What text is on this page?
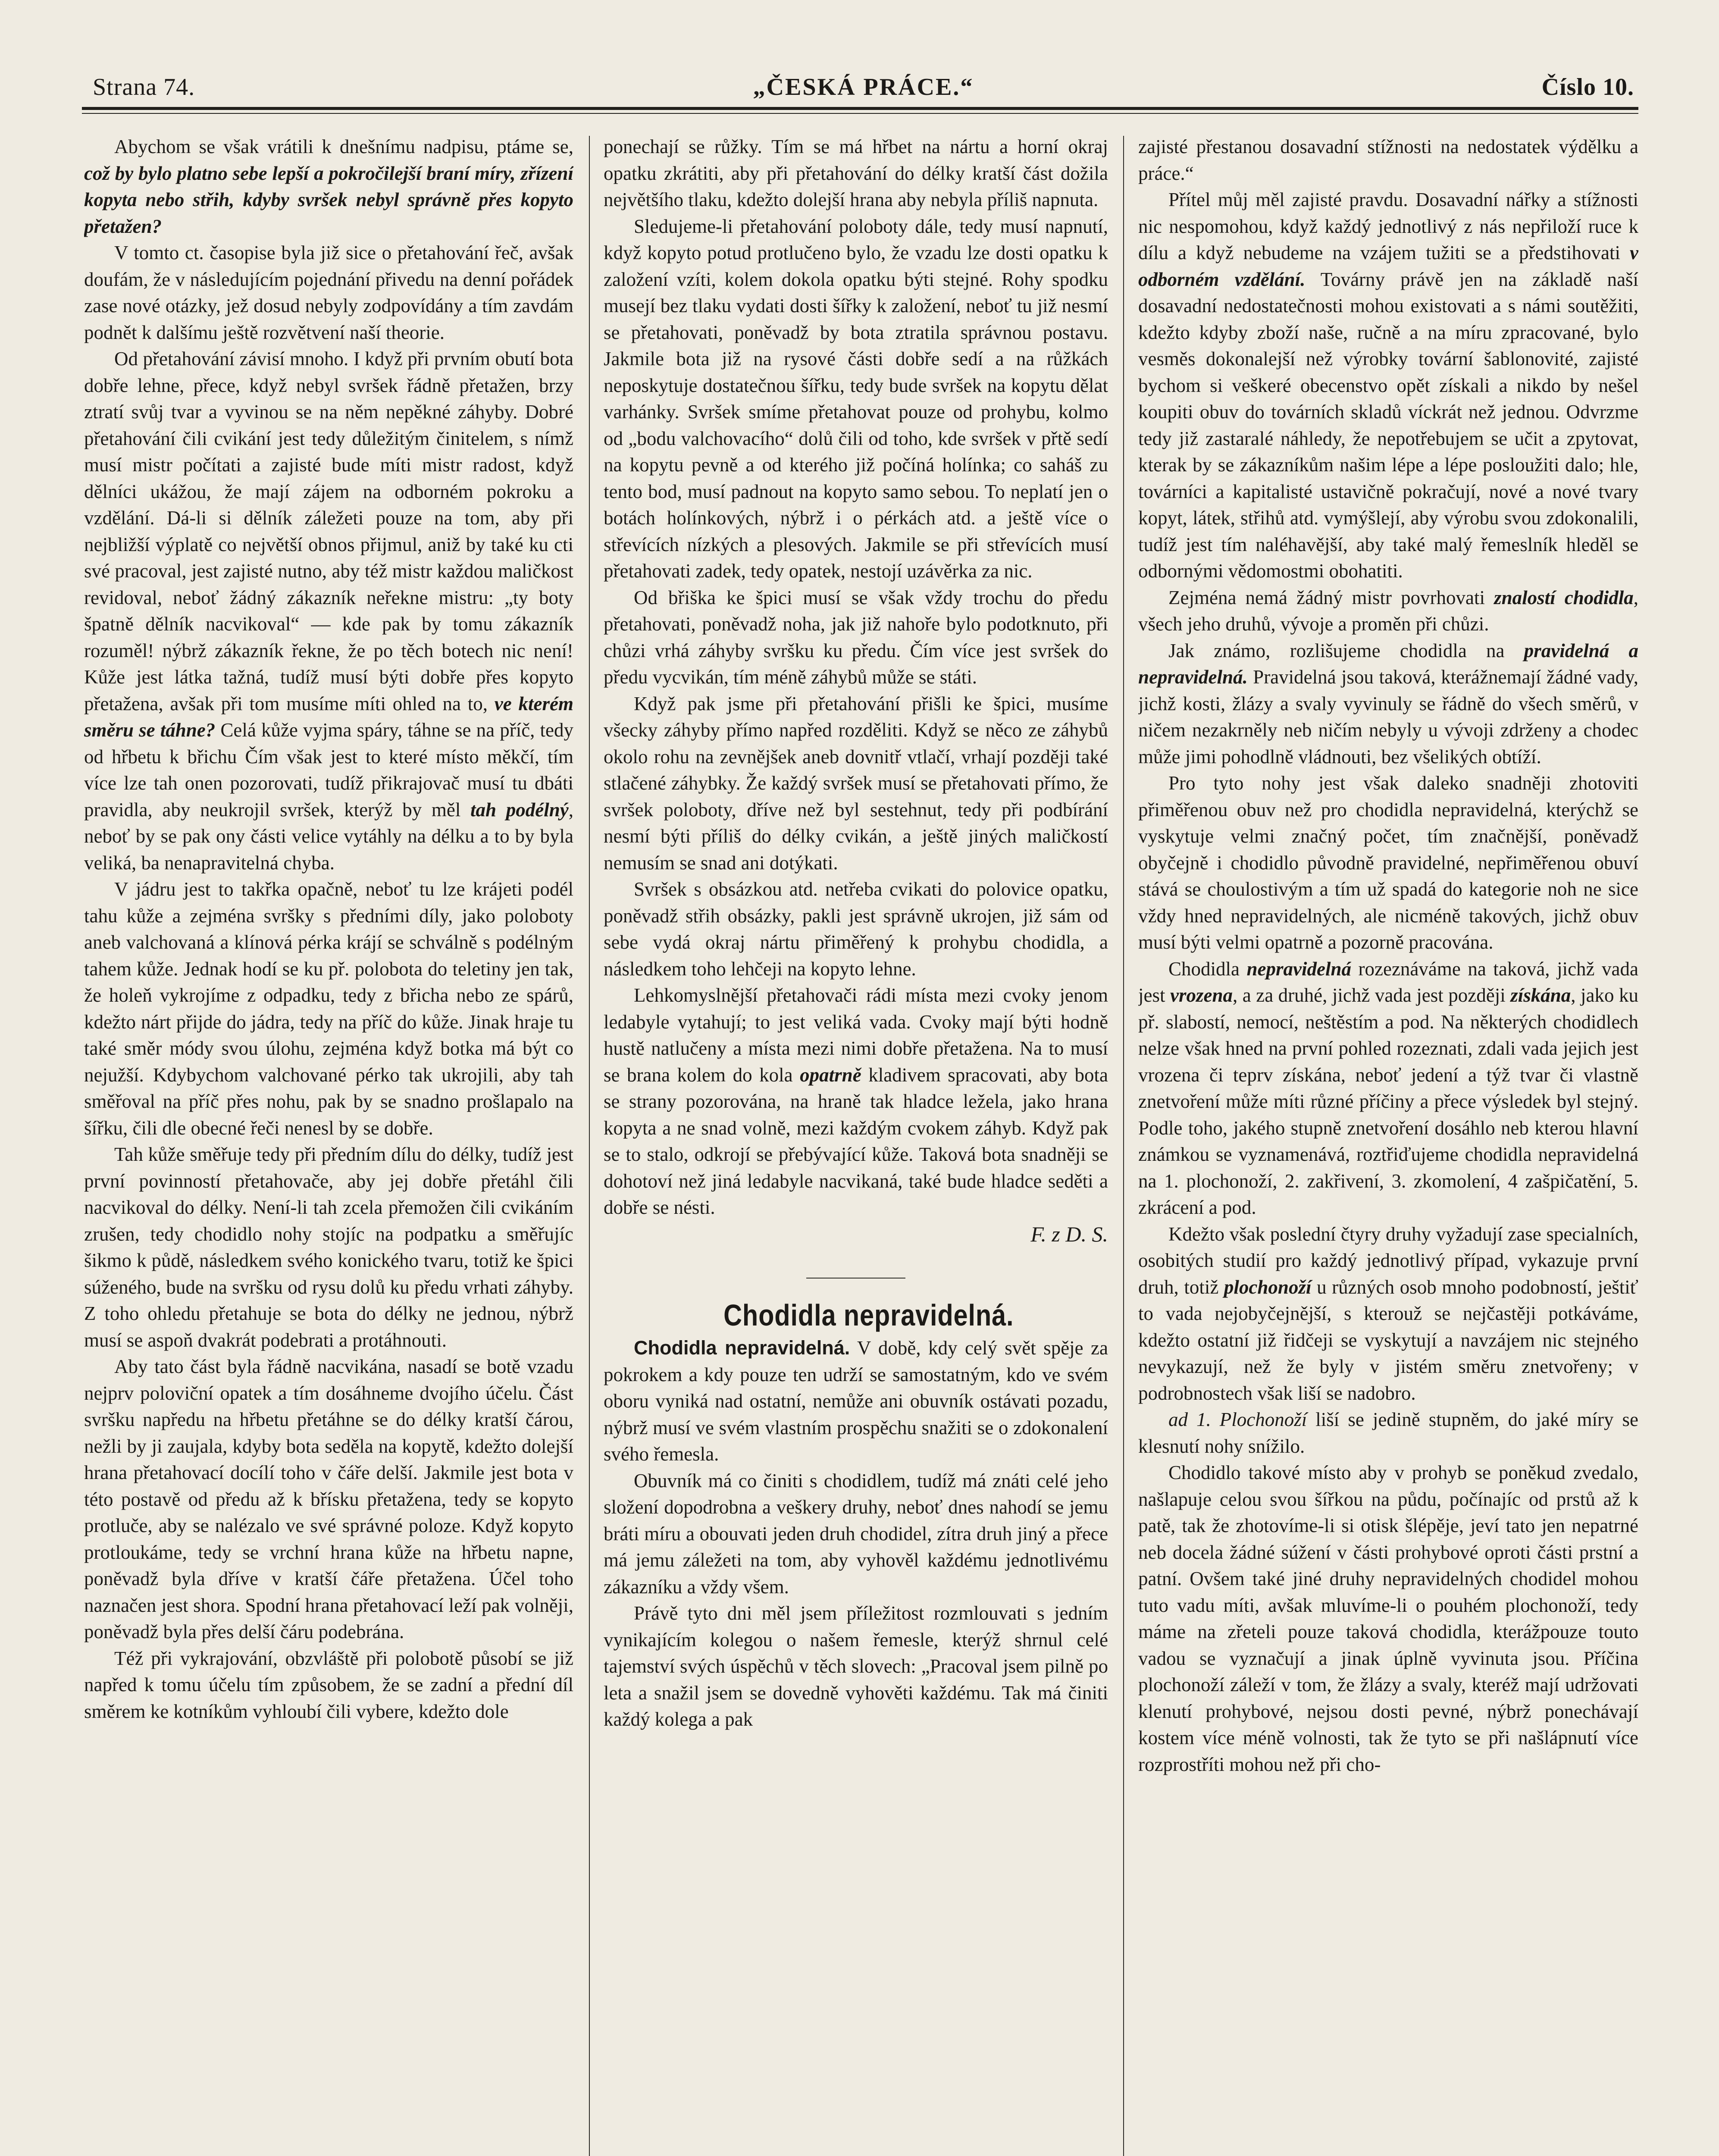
Strana 74.	„ČESKÁ PRÁCE.“	Číslo 10.

Abychom se však vrátili k dnešnímu nadpisu, ptáme se, což by bylo platno sebe lepší a pokročilejší braní míry, zřízení kopyta nebo střih, kdyby svršek nebyl správně přes kopyto přetažen?

V tomto ct. časopise byla již sice o přetahování řeč, avšak doufám, že v následujícím pojednání přivedu na denní pořádek zase nové otázky, jež dosud nebyly zodpovídány a tím zavdám podnět k dalšímu ještě rozvětvení naší theorie.

Od přetahování závisí mnoho. I když při prvním obutí bota dobře lehne, přece, když nebyl svršek řádně přetažen, brzy ztratí svůj tvar a vyvinou se na něm nepěkné záhyby. Dobré přetahování čili cvikání jest tedy důležitým činitelem, s nímž musí mistr počítati a zajisté bude míti mistr radost, když dělníci ukážou, že mají zájem na odborném pokroku a vzdělání. Dá-li si dělník záležeti pouze na tom, aby při nejbližší výplatě co největší obnos přijmul, aniž by také ku cti své pracoval, jest zajisté nutno, aby též mistr každou maličkost revidoval, neboť žádný zákazník neřekne mistru: „ty boty špatně dělník nacvikoval“ — kde pak by tomu zákazník rozuměl! nýbrž zákazník řekne, že po těch botech nic není! Kůže jest látka tažná, tudíž musí býti dobře přes kopyto přetažena, avšak při tom musíme míti ohled na to, ve kterém směru se táhne? Celá kůže vyjma spáry, táhne se na příč, tedy od hřbetu k břichu Čím však jest to které místo měkčí, tím více lze tah onen pozorovati, tudíž přikrajovač musí tu dbáti pravidla, aby neukrojil svršek, kterýž by měl tah podélný, neboť by se pak ony části velice vytáhly na délku a to by byla veliká, ba nenapravitelná chyba.

V jádru jest to takřka opačně, neboť tu lze krájeti podél tahu kůže a zejména svršky s předními díly, jako poloboty aneb valchovaná a klínová pérka krájí se schválně s podélným tahem kůže. Jednak hodí se ku př. polobota do teletiny jen tak, že holeň vykrojíme z odpadku, tedy z břicha nebo ze spárů, kdežto nárt přijde do jádra, tedy na příč do kůže. Jinak hraje tu také směr módy svou úlohu, zejména když botka má být co nejužší. Kdybychom valchované pérko tak ukrojili, aby tah směřoval na příč přes nohu, pak by se snadno prošlapalo na šířku, čili dle obecné řeči nenesl by se dobře.

Tah kůže směřuje tedy při předním dílu do délky, tudíž jest první povinností přetahovače, aby jej dobře přetáhl čili nacvikoval do délky. Není-li tah zcela přemožen čili cvikáním zrušen, tedy chodidlo nohy stojíc na podpatku a směřujíc šikmo k půdě, následkem svého konického tvaru, totiž ke špici súženého, bude na svršku od rysu dolů ku předu vrhati záhyby. Z toho ohledu přetahuje se bota do délky ne jednou, nýbrž musí se aspoň dvakrát podebrati a protáhnouti.

Aby tato část byla řádně nacvikána, nasadí se botě vzadu nejprv poloviční opatek a tím dosáhneme dvojího účelu. Část svršku napředu na hřbetu přetáhne se do délky kratší čárou, nežli by ji zaujala, kdyby bota seděla na kopytě, kdežto dolejší hrana přetahovací docílí toho v čáře delší. Jakmile jest bota v této postavě od předu až k břísku přetažena, tedy se kopyto protluče, aby se nalézalo ve své správné poloze. Když kopyto protloukáme, tedy se vrchní hrana kůže na hřbetu napne, poněvadž byla dříve v kratší čáře přetažena. Účel toho naznačen jest shora. Spodní hrana přetahovací leží pak volněji, poněvadž byla přes delší čáru podebrána.

Též při vykrajování, obzvláště při polobotě působí se již napřed k tomu účelu tím způsobem, že se zadní a přední díl směrem ke kotníkům vyhloubí čili vybere, kdežto dole

ponechají se růžky. Tím se má hřbet na nártu a horní okraj opatku zkrátiti, aby při přetahování do délky kratší část dožila největšího tlaku, kdežto dolejší hrana aby nebyla příliš napnuta.

Sledujeme-li přetahování poloboty dále, tedy musí napnutí, když kopyto potud protlučeno bylo, že vzadu lze dosti opatku k založení vzíti, kolem dokola opatku býti stejné. Rohy spodku musejí bez tlaku vydati dosti šířky k založení, neboť tu již nesmí se přetahovati, poněvadž by bota ztratila správnou postavu. Jakmile bota již na rysové části dobře sedí a na růžkách neposkytuje dostatečnou šířku, tedy bude svršek na kopytu dělat varhánky. Svršek smíme přetahovat pouze od prohybu, kolmo od „bodu valchovacího“ dolů čili od toho, kde svršek v přtě sedí na kopytu pevně a od kterého již počíná holínka; co saháš zu tento bod, musí padnout na kopyto samo sebou. To neplatí jen o botách holínkových, nýbrž i o pérkách atd. a ještě více o střevících nízkých a plesových. Jakmile se při střevících musí přetahovati zadek, tedy opatek, nestojí uzávěrka za nic.

Od břiška ke špici musí se však vždy trochu do předu přetahovati, poněvadž noha, jak již nahoře bylo podotknuto, při chůzi vrhá záhyby svršku ku předu. Čím více jest svršek do předu vycvikán, tím méně záhybů může se státi.

Když pak jsme při přetahování přišli ke špici, musíme všecky záhyby přímo napřed rozděliti. Když se něco ze záhybů okolo rohu na zevnějšek aneb dovnitř vtlačí, vrhají později také stlačené záhybky. Že každý svršek musí se přetahovati přímo, že svršek poloboty, dříve než byl sestehnut, tedy při podbírání nesmí býti příliš do délky cvikán, a ještě jiných maličkostí nemusím se snad ani dotýkati.

Svršek s obsázkou atd. netřeba cvikati do polovice opatku, poněvadž střih obsázky, pakli jest správně ukrojen, již sám od sebe vydá okraj nártu přiměřený k prohybu chodidla, a následkem toho lehčeji na kopyto lehne.

Lehkomyslnější přetahovači rádi místa mezi cvoky jenom ledabyle vytahují; to jest veliká vada. Cvoky mají býti hodně hustě natlučeny a místa mezi nimi dobře přetažena. Na to musí se brana kolem do kola opatrně kladivem spracovati, aby bota se strany pozorována, na hraně tak hladce ležela, jako hrana kopyta a ne snad volně, mezi každým cvokem záhyb. Když pak se to stalo, odkrojí se přebývající kůže. Taková bota snadněji se dohotoví než jiná ledabyle nacvikaná, také bude hladce seděti a dobře se nésti.

F. z D. S.

Chodidla nepravidelná.

Chodidla nepravidelná. V době, kdy celý svět spěje za pokrokem a kdy pouze ten udrží se samostatným, kdo ve svém oboru vyniká nad ostatní, nemůže ani obuvník ostávati pozadu, nýbrž musí ve svém vlastním prospěchu snažiti se o zdokonalení svého řemesla.

Obuvník má co činiti s chodidlem, tudíž má znáti celé jeho složení dopodrobna a veškery druhy, neboť dnes nahodí se jemu bráti míru a obouvati jeden druh chodidel, zítra druh jiný a přece má jemu záležeti na tom, aby vyhověl každému jednotlivému zákazníku a vždy všem.

Právě tyto dni měl jsem příležitost rozmlouvati s jedním vynikajícím kolegou o našem řemesle, kterýž shrnul celé tajemství svých úspěchů v těch slovech: „Pracoval jsem pilně po leta a snažil jsem se dovedně vyhověti každému. Tak má činiti každý kolega a pak

zajisté přestanou dosavadní stížnosti na nedostatek výdělku a práce.“

Přítel můj měl zajisté pravdu. Dosavadní nářky a stížnosti nic nespomohou, když každý jednotlivý z nás nepřiloží ruce k dílu a když nebudeme na vzájem tužiti se a předstihovati v odborném vzdělání. Továrny právě jen na základě naší dosavadní nedostatečnosti mohou existovati a s námi soutěžiti, kdežto kdyby zboží naše, ručně a na míru zpracované, bylo vesměs dokonalejší než výrobky tovární šablonovité, zajisté bychom si veškeré obecenstvo opět získali a nikdo by nešel koupiti obuv do továrních skladů víckrát než jednou. Odvrzme tedy již zastaralé náhledy, že nepotřebujem se učit a zpytovat, kterak by se zákazníkům našim lépe a lépe posloužiti dalo; hle, továrníci a kapitalisté ustavičně pokračují, nové a nové tvary kopyt, látek, střihů atd. vymýšlejí, aby výrobu svou zdokonalili, tudíž jest tím naléhavější, aby také malý řemeslník hleděl se odbornými vědomostmi obohatiti.

Zejména nemá žádný mistr povrhovati znalostí chodidla, všech jeho druhů, vývoje a proměn při chůzi.

Jak známo, rozlišujeme chodidla na pravidelná a nepravidelná. Pravidelná jsou taková, kterážnemají žádné vady, jichž kosti, žlázy a svaly vyvinuly se řádně do všech směrů, v ničem nezakrněly neb ničím nebyly u vývoji zdrženy a chodec může jimi pohodlně vládnouti, bez všelikých obtíží.

Pro tyto nohy jest však daleko snadněji zhotoviti přiměřenou obuv než pro chodidla nepravidelná, kterýchž se vyskytuje velmi značný počet, tím značnější, poněvadž obyčejně i chodidlo původně pravidelné, nepřiměřenou obuví stává se choulostivým a tím už spadá do kategorie noh ne sice vždy hned nepravidelných, ale nicméně takových, jichž obuv musí býti velmi opatrně a pozorně pracována.

Chodidla nepravidelná rozeznáváme na taková, jichž vada jest vrozena, a za druhé, jichž vada jest později získána, jako ku př. slabostí, nemocí, neštěstím a pod. Na některých chodidlech nelze však hned na první pohled rozeznati, zdali vada jejich jest vrozena či teprv získána, neboť jedení a týž tvar či vlastně znetvoření může míti různé příčiny a přece výsledek byl stejný. Podle toho, jakého stupně znetvoření dosáhlo neb kterou hlavní známkou se vyznamenává, roztřiďujeme chodidla nepravidelná na 1. plochonoží, 2. zakřivení, 3. zkomolení, 4 zašpičatění, 5. zkrácení a pod.

Kdežto však poslední čtyry druhy vyžadují zase specialních, osobitých studií pro každý jednotlivý případ, vykazuje první druh, totiž plochonoží u různých osob mnoho podobností, ještiť to vada nejobyčejnější, s kterouž se nejčastěji potkáváme, kdežto ostatní již řidčeji se vyskytují a navzájem nic stejného nevykazují, než že byly v jistém směru znetvořeny; v podrobnostech však liší se nadobro.

ad 1. Plochonoží liší se jedině stupněm, do jaké míry se klesnutí nohy snížilo.

Chodidlo takové místo aby v prohyb se poněkud zvedalo, našlapuje celou svou šířkou na půdu, počínajíc od prstů až k patě, tak že zhotovíme-li si otisk šlépěje, jeví tato jen nepatrné neb docela žádné súžení v části prohybové oproti části prstní a patní. Ovšem také jiné druhy nepravidelných chodidel mohou tuto vadu míti, avšak mluvíme-li o pouhém plochonoží, tedy máme na zřeteli pouze taková chodidla, kterážpouze touto vadou se vyznačují a jinak úplně vyvinuta jsou. Příčina plochonoží záleží v tom, že žlázy a svaly, kteréž mají udržovati klenutí prohybové, nejsou dosti pevné, nýbrž ponechávají kostem více méně volnosti, tak že tyto se při našlápnutí více rozprostříti mohou než při cho-
